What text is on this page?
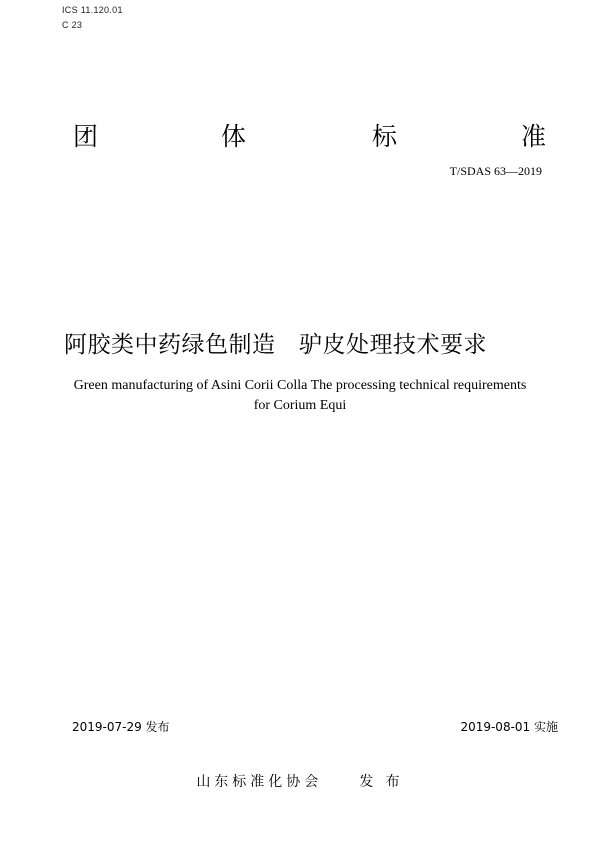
ICS 11.120.01
C 23
团	体	标	准
T/SDAS 63—2019
阿胶类中药绿色制造　驴皮处理技术要求
Green manufacturing of Asini Corii Colla The processing technical requirements
for Corium Equi
2019-07-29 发布	2019-08-01 实施
山东标准化协会	发 布
